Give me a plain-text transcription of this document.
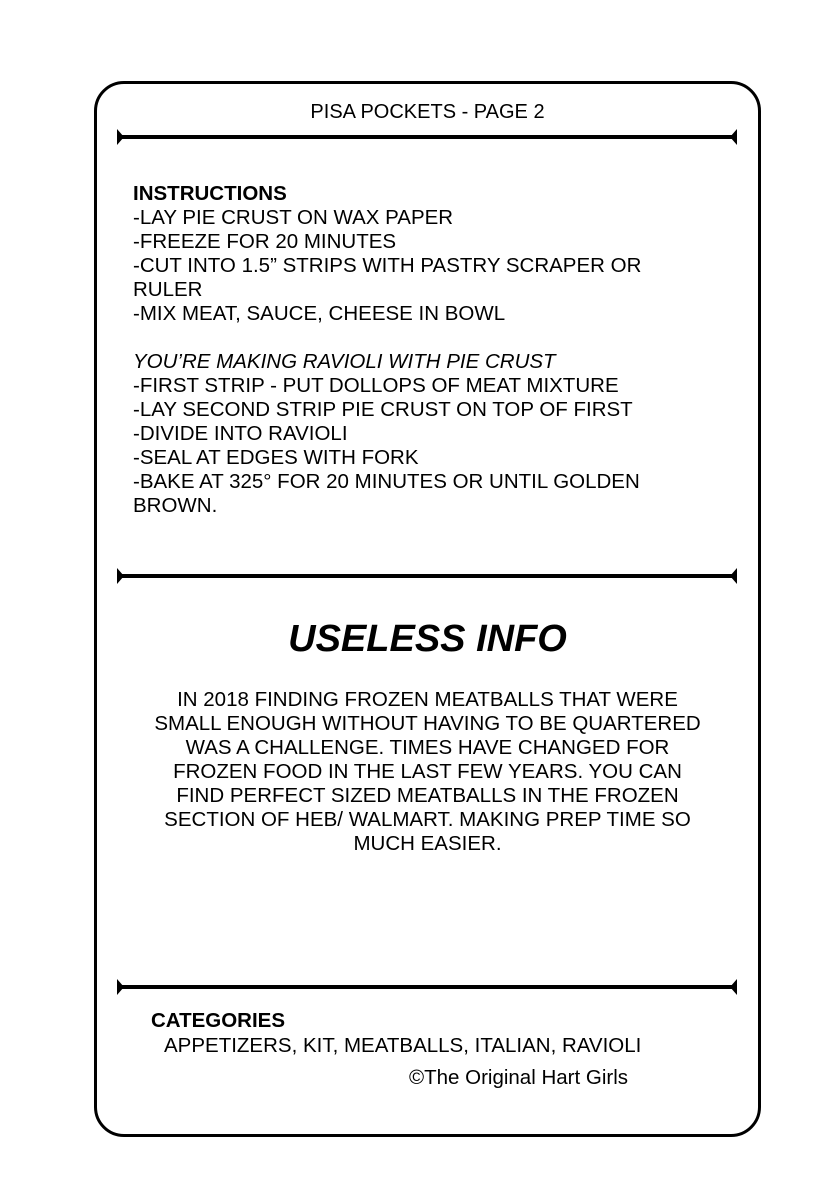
PISA POCKETS - PAGE 2
INSTRUCTIONS
-LAY PIE CRUST ON WAX PAPER
-FREEZE FOR 20 MINUTES
-CUT INTO 1.5” STRIPS WITH PASTRY SCRAPER OR
RULER
-MIX MEAT, SAUCE, CHEESE IN BOWL
YOU’RE MAKING RAVIOLI WITH PIE CRUST
-FIRST STRIP - PUT DOLLOPS OF MEAT MIXTURE
-LAY SECOND STRIP PIE CRUST ON TOP OF FIRST
-DIVIDE INTO RAVIOLI
-SEAL AT EDGES WITH FORK
-BAKE AT 325° FOR 20 MINUTES OR UNTIL GOLDEN
BROWN.
USELESS INFO
IN 2018 FINDING FROZEN MEATBALLS THAT WERE
SMALL ENOUGH WITHOUT HAVING TO BE QUARTERED
WAS A CHALLENGE. TIMES HAVE CHANGED FOR
FROZEN FOOD IN THE LAST FEW YEARS. YOU CAN
FIND PERFECT SIZED MEATBALLS IN THE FROZEN
SECTION OF HEB/ WALMART. MAKING PREP TIME SO
MUCH EASIER.
CATEGORIES
APPETIZERS, KIT, MEATBALLS, ITALIAN, RAVIOLI
©The Original Hart Girls
